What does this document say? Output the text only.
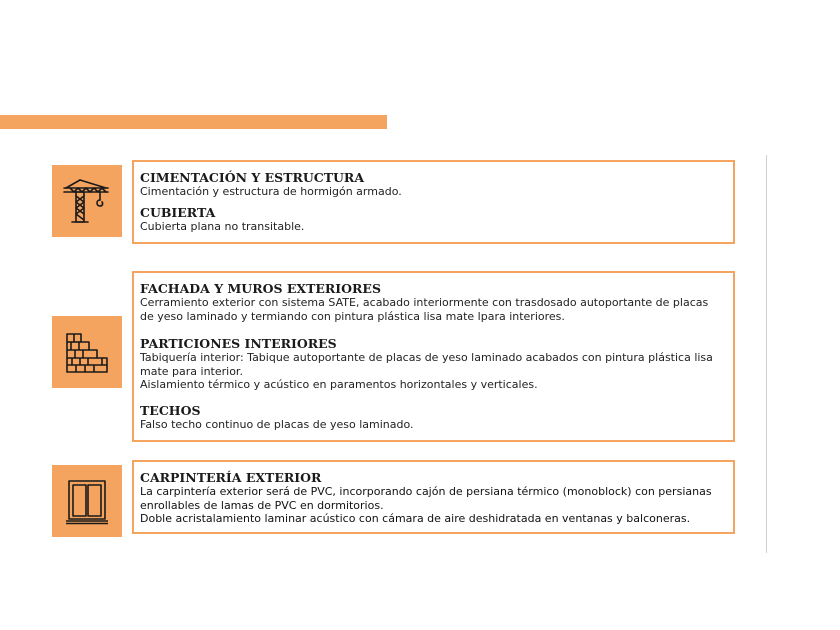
CIMENTACIÓN Y ESTRUCTURA
Cimentación y estructura de hormigón armado.
CUBIERTA
Cubierta plana no transitable.
FACHADA Y MUROS EXTERIORES
Cerramiento exterior con sistema SATE, acabado interiormente con trasdosado autoportante de placas
de yeso laminado y termiando con pintura plástica lisa mate lpara interiores.
PARTICIONES INTERIORES
Tabiquería interior: Tabique autoportante de placas de yeso laminado acabados con pintura plástica lisa
mate para interior.
Aislamiento térmico y acústico en paramentos horizontales y verticales.
TECHOS
Falso techo continuo de placas de yeso laminado.
CARPINTERÍA EXTERIOR
La carpintería exterior será de PVC, incorporando cajón de persiana térmico (monoblock) con persianas
enrollables de lamas de PVC en dormitorios.
Doble acristalamiento laminar acústico con cámara de aire deshidratada en ventanas y balconeras.
